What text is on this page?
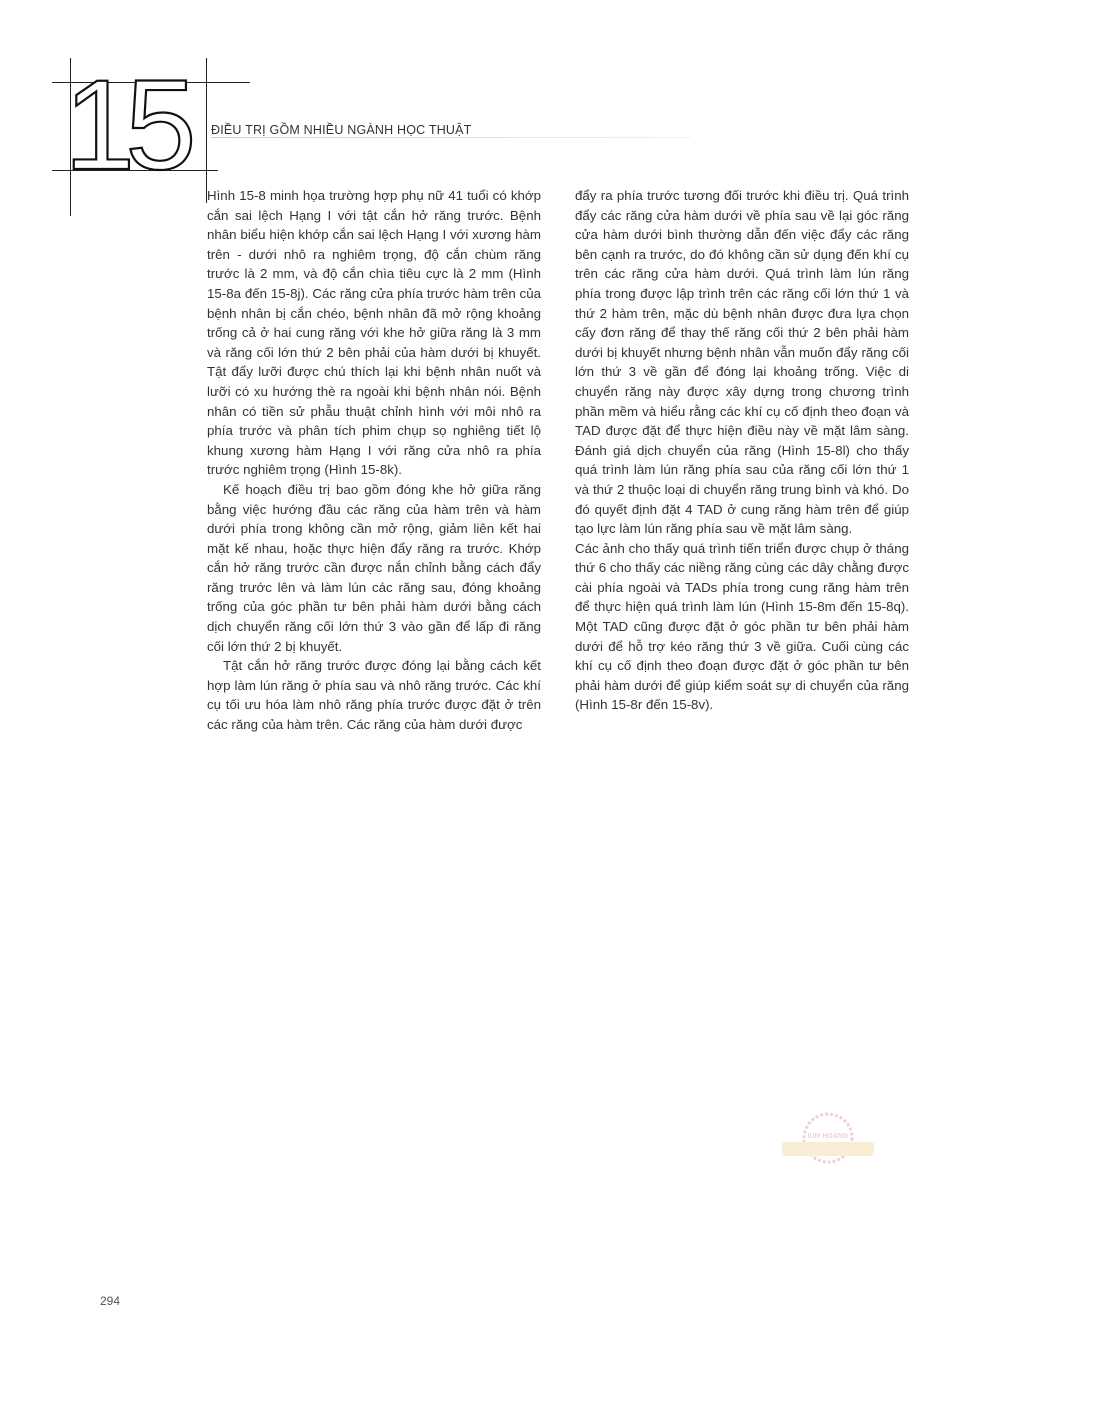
15 ĐIỀU TRỊ GỒM NHIỀU NGÀNH HỌC THUẬT

Hình 15-8 minh họa trường hợp phụ nữ 41 tuổi có khớp cắn sai lệch Hạng I với tật cắn hở răng trước. Bệnh nhân biểu hiện khớp cắn sai lệch Hạng I với xương hàm trên - dưới nhô ra nghiêm trọng, độ cắn chùm răng trước là 2 mm, và độ cắn chìa tiêu cực là 2 mm (Hình 15-8a đến 15-8j). Các răng cửa phía trước hàm trên của bệnh nhân bị cắn chéo, bệnh nhân đã mở rộng khoảng trống cả ở hai cung răng với khe hở giữa răng là 3 mm và răng cối lớn thứ 2 bên phải của hàm dưới bị khuyết. Tật đẩy lưỡi được chú thích lại khi bệnh nhân nuốt và lưỡi có xu hướng thè ra ngoài khi bệnh nhân nói. Bệnh nhân có tiền sử phẫu thuật chỉnh hình với môi nhô ra phía trước và phân tích phim chụp sọ nghiêng tiết lộ khung xương hàm Hạng I với răng cửa nhô ra phía trước nghiêm trọng (Hình 15-8k).

Kế hoạch điều trị bao gồm đóng khe hở giữa răng bằng việc hướng đầu các răng của hàm trên và hàm dưới phía trong không cần mở rộng, giảm liên kết hai mặt kế nhau, hoặc thực hiện đẩy răng ra trước. Khớp cắn hở răng trước cần được nắn chỉnh bằng cách đẩy răng trước lên và làm lún các răng sau, đóng khoảng trống của góc phần tư bên phải hàm dưới bằng cách dịch chuyển răng cối lớn thứ 3 vào gần để lấp đi răng cối lớn thứ 2 bị khuyết.

Tật cắn hở răng trước được đóng lại bằng cách kết hợp làm lún răng ở phía sau và nhô răng trước. Các khí cụ tối ưu hóa làm nhô răng phía trước được đặt ở trên các răng của hàm trên. Các răng của hàm dưới được

đẩy ra phía trước tương đối trước khi điều trị. Quá trình đẩy các răng cửa hàm dưới về phía sau về lại góc răng cửa hàm dưới bình thường dẫn đến việc đẩy các răng bên cạnh ra trước, do đó không cần sử dụng đến khí cụ trên các răng cửa hàm dưới. Quá trình làm lún răng phía trong được lập trình trên các răng cối lớn thứ 1 và thứ 2 hàm trên, mặc dù bệnh nhân được đưa lựa chọn cấy đơn răng để thay thế răng cối thứ 2 bên phải hàm dưới bị khuyết nhưng bệnh nhân vẫn muốn đẩy răng cối lớn thứ 3 về gần để đóng lại khoảng trống. Việc di chuyển răng này được xây dựng trong chương trình phần mềm và hiểu rằng các khí cụ cố định theo đoạn và TAD được đặt để thực hiện điều này về mặt lâm sàng. Đánh giá dịch chuyển của răng (Hình 15-8l) cho thấy quá trình làm lún răng phía sau của răng cối lớn thứ 1 và thứ 2 thuộc loại di chuyển răng trung bình và khó. Do đó quyết định đặt 4 TAD ở cung răng hàm trên để giúp tạo lực làm lún răng phía sau về mặt lâm sàng.

Các ảnh cho thấy quá trình tiến triển được chụp ở tháng thứ 6 cho thấy các niềng răng cùng các dây chằng được cài phía ngoài và TADs phía trong cung răng hàm trên để thực hiện quá trình làm lún (Hình 15-8m đến 15-8q). Một TAD cũng được đặt ở góc phần tư bên phải hàm dưới để hỗ trợ kéo răng thứ 3 về giữa. Cuối cùng các khí cụ cố định theo đoạn được đặt ở góc phần tư bên phải hàm dưới để giúp kiểm soát sự di chuyển của răng (Hình 15-8r đến 15-8v).

KIM HOÀNG
294
